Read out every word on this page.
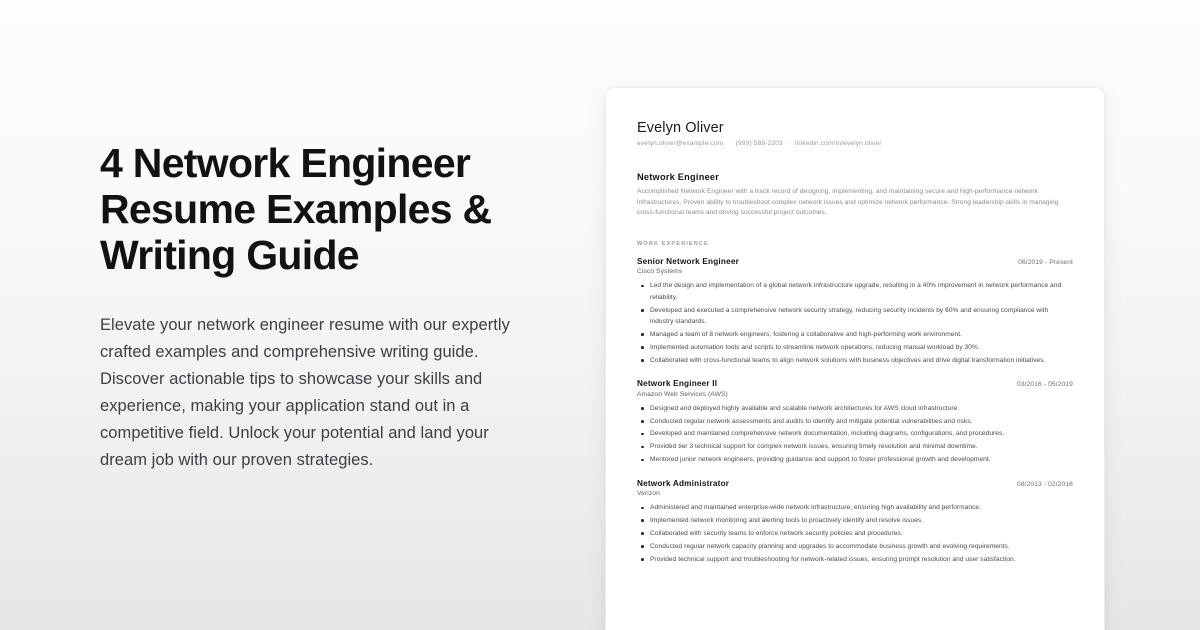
4 Network Engineer Resume Examples & Writing Guide

Elevate your network engineer resume with our expertly crafted examples and comprehensive writing guide. Discover actionable tips to showcase your skills and experience, making your application stand out in a competitive field. Unlock your potential and land your dream job with our proven strategies.

Evelyn Oliver
evelyn.oliver@example.com · (999) 588-2203 · linkedin.com/in/evelyn.oliver
Network Engineer
Accomplished Network Engineer with a track record of designing, implementing, and maintaining secure and high-performance network infrastructures. Proven ability to troubleshoot complex network issues and optimize network performance. Strong leadership skills in managing cross-functional teams and driving successful project outcomes.
WORK EXPERIENCE
Senior Network Engineer	06/2019 - Present
Cisco Systems
Led the design and implementation of a global network infrastructure upgrade, resulting in a 40% improvement in network performance and reliability.
Developed and executed a comprehensive network security strategy, reducing security incidents by 60% and ensuring compliance with industry standards.
Managed a team of 8 network engineers, fostering a collaborative and high-performing work environment.
Implemented automation tools and scripts to streamline network operations, reducing manual workload by 30%.
Collaborated with cross-functional teams to align network solutions with business objectives and drive digital transformation initiatives.
Network Engineer II	03/2016 - 05/2019
Amazon Web Services (AWS)
Designed and deployed highly available and scalable network architectures for AWS cloud infrastructure.
Conducted regular network assessments and audits to identify and mitigate potential vulnerabilities and risks.
Developed and maintained comprehensive network documentation, including diagrams, configurations, and procedures.
Provided tier 3 technical support for complex network issues, ensuring timely resolution and minimal downtime.
Mentored junior network engineers, providing guidance and support to foster professional growth and development.
Network Administrator	08/2013 - 02/2016
Verizon
Administered and maintained enterprise-wide network infrastructure, ensuring high availability and performance.
Implemented network monitoring and alerting tools to proactively identify and resolve issues.
Collaborated with security teams to enforce network security policies and procedures.
Conducted regular network capacity planning and upgrades to accommodate business growth and evolving requirements.
Provided technical support and troubleshooting for network-related issues, ensuring prompt resolution and user satisfaction.
